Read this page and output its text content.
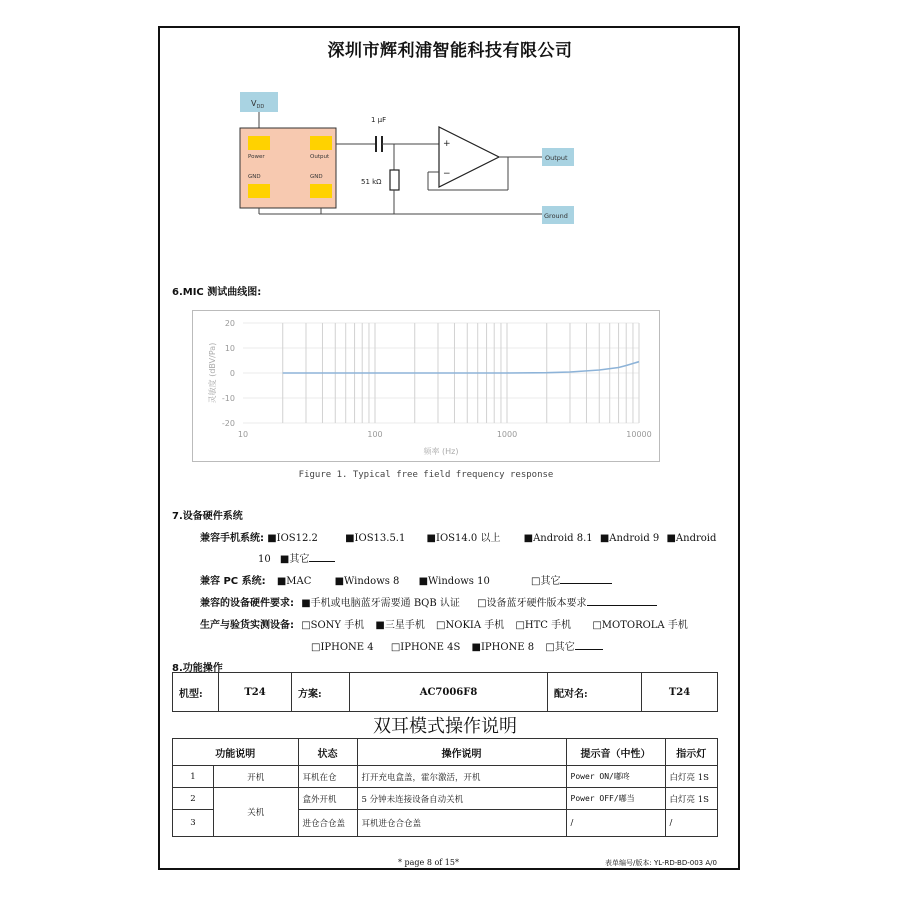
深圳市辉利浦智能科技有限公司
$V_{DD}$
Power	Output
GND	GND
1 µF
51 kΩ
+
−
Output
Ground
6.MIC 测试曲线图:
20
10
0
-10
-20
10	100	1000	10000
灵敏度 (dBV/Pa)
频率 (Hz)
Figure 1. Typical free field frequency response
7.设备硬件系统
兼容手机系统: ■IOS12.2	■IOS13.5.1 ■IOS14.0 以上 ■Android 8.1 ■Android 9 ■Android
10 ■其它
兼容 PC 系统: ■MAC ■Windows 8 ■Windows 10	□其它
兼容的设备硬件要求: ■手机或电脑蓝牙需要通 BQB 认证 □设备蓝牙硬件版本要求
生产与验货实测设备: □SONY 手机 ■三星手机 □NOKIA 手机 □HTC 手机 □MOTOROLA 手机
□IPHONE 4 □IPHONE 4S ■IPHONE 8 □其它
8.功能操作
机型:	T24	方案:	AC7006F8	配对名:	T24
双耳模式操作说明
功能说明		状态	操作说明	提示音（中性）	指示灯
1	开机	耳机在仓	打开充电盒盖，霍尔激活，开机	Power ON/嘟咚	白灯亮 1S
2	关机	盒外开机	5 分钟未连接设备自动关机	Power OFF/嘟当	白灯亮 1S
3		进仓合仓盖	耳机进仓合仓盖	/	/
* page 8 of 15*	表单编号/版本: YL-RD-BD-003 A/0
